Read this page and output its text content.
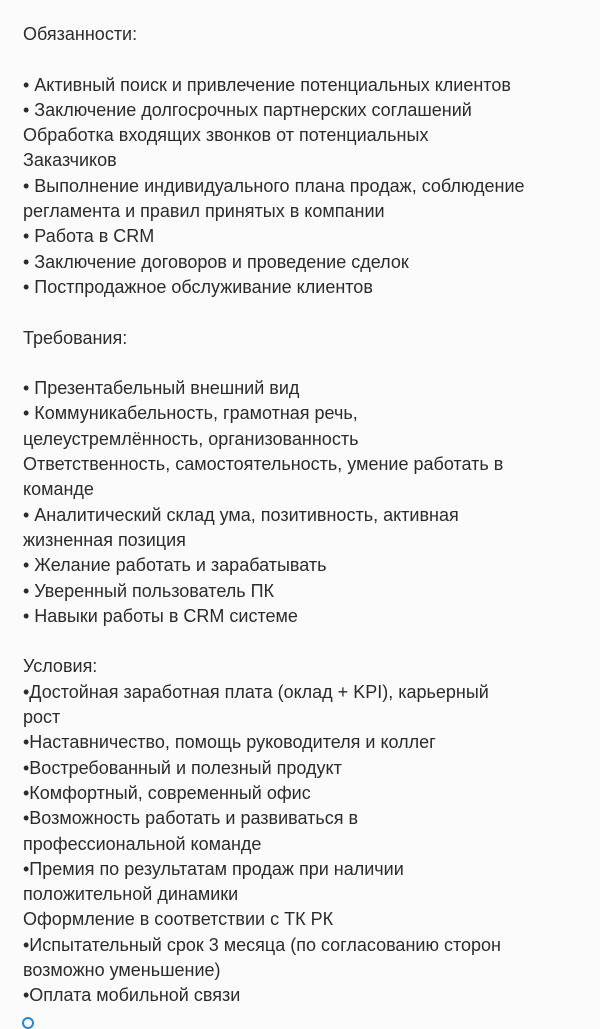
Обязанности:
• Активный поиск и привлечение потенциальных клиентов
• Заключение долгосрочных партнерских соглашений
Обработка входящих звонков от потенциальных
Заказчиков
• Выполнение индивидуального плана продаж, соблюдение
регламента и правил принятых в компании
• Работа в CRM
• Заключение договоров и проведение сделок
• Постпродажное обслуживание клиентов
Требования:
• Презентабельный внешний вид
• Коммуникабельность, грамотная речь,
целеустремлённость, организованность
Ответственность, самостоятельность, умение работать в
команде
• Аналитический склад ума, позитивность, активная
жизненная позиция
• Желание работать и зарабатывать
• Уверенный пользователь ПК
• Навыки работы в CRM системе
Условия:
•Достойная заработная плата (оклад + KPI), карьерный
рост
•Наставничество, помощь руководителя и коллег
•Востребованный и полезный продукт
•Комфортный, современный офис
•Возможность работать и развиваться в
профессиональной команде
•Премия по результатам продаж при наличии
положительной динамики
Оформление в соответствии с ТК РК
•Испытательный срок 3 месяца (по согласованию сторон
возможно уменьшение)
•Оплата мобильной связи
